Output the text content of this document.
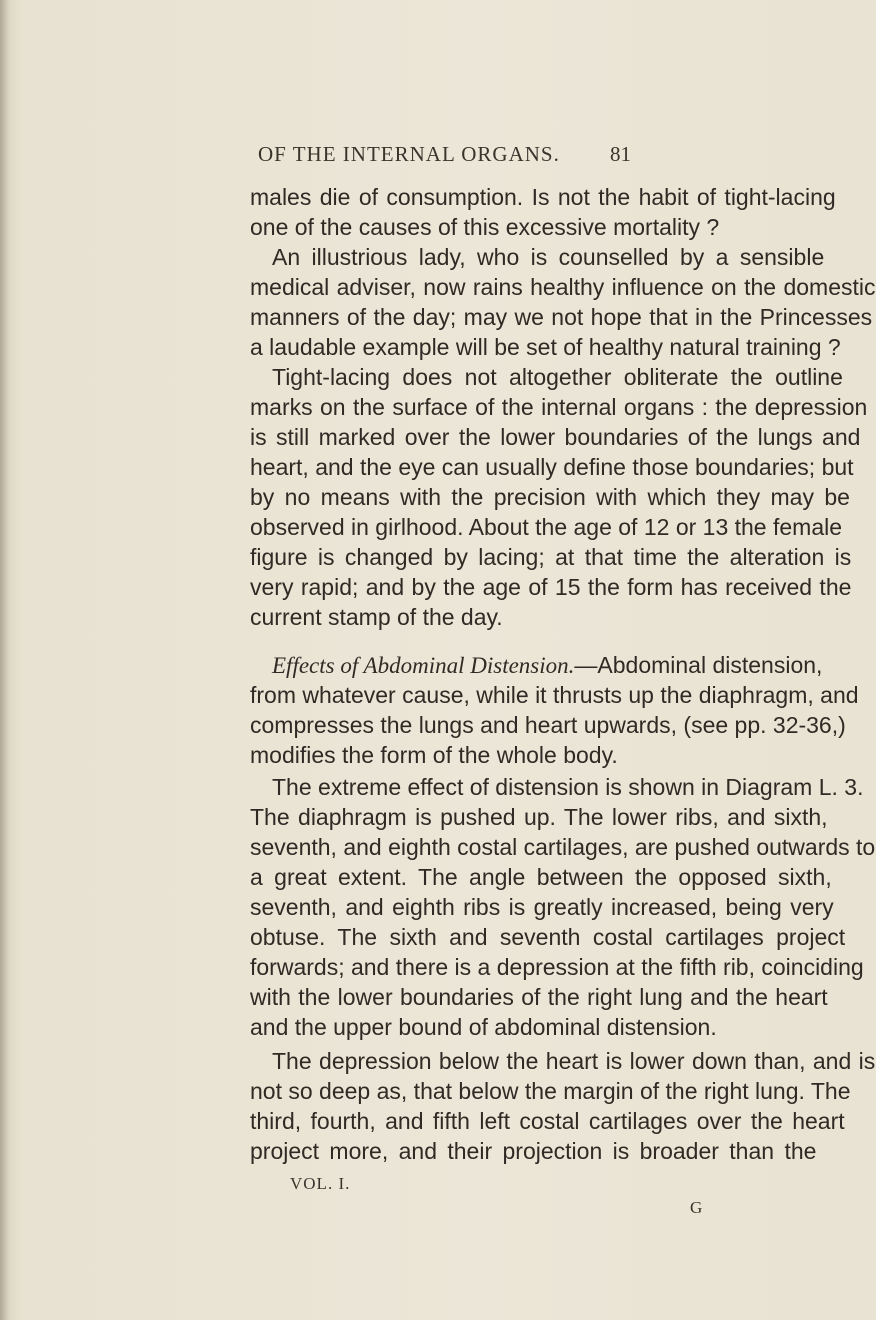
OF THE INTERNAL ORGANS. 81
males die of consumption. Is not the habit of tight-lacing
one of the causes of this excessive mortality ?
An illustrious lady, who is counselled by a sensible
medical adviser, now rains healthy influence on the domestic
manners of the day; may we not hope that in the Princesses
a laudable example will be set of healthy natural training ?
Tight-lacing does not altogether obliterate the outline
marks on the surface of the internal organs : the depression
is still marked over the lower boundaries of the lungs and
heart, and the eye can usually define those boundaries; but
by no means with the precision with which they may be
observed in girlhood. About the age of 12 or 13 the female
figure is changed by lacing; at that time the alteration is
very rapid; and by the age of 15 the form has received the
current stamp of the day.
Effects of Abdominal Distension.—Abdominal distension,
from whatever cause, while it thrusts up the diaphragm, and
compresses the lungs and heart upwards, (see pp. 32-36,)
modifies the form of the whole body.
The extreme effect of distension is shown in Diagram L. 3.
The diaphragm is pushed up. The lower ribs, and sixth,
seventh, and eighth costal cartilages, are pushed outwards to
a great extent. The angle between the opposed sixth,
seventh, and eighth ribs is greatly increased, being very
obtuse. The sixth and seventh costal cartilages project
forwards; and there is a depression at the fifth rib, coinciding
with the lower boundaries of the right lung and the heart
and the upper bound of abdominal distension.
The depression below the heart is lower down than, and is
not so deep as, that below the margin of the right lung. The
third, fourth, and fifth left costal cartilages over the heart
project more, and their projection is broader than the
VOL. I.
G
